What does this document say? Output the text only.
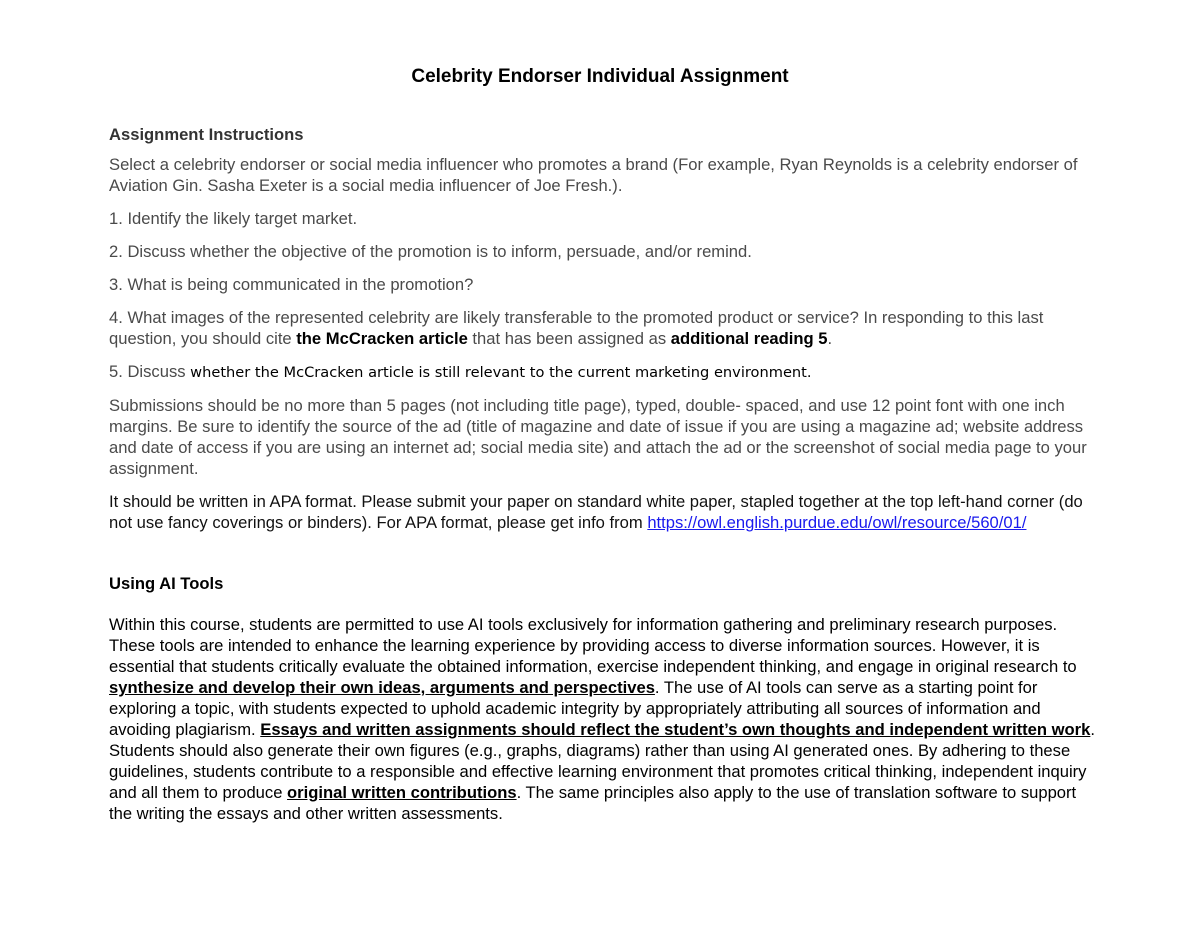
Celebrity Endorser Individual Assignment
Assignment Instructions

Select a celebrity endorser or social media influencer who promotes a brand (For example, Ryan Reynolds is a celebrity endorser of Aviation Gin. Sasha Exeter is a social media influencer of Joe Fresh.).

1. Identify the likely target market.

2. Discuss whether the objective of the promotion is to inform, persuade, and/or remind.

3. What is being communicated in the promotion?

4. What images of the represented celebrity are likely transferable to the promoted product or service? In responding to this last question, you should cite the McCracken article that has been assigned as additional reading 5.

5. Discuss whether the McCracken article is still relevant to the current marketing environment.

Submissions should be no more than 5 pages (not including title page), typed, double- spaced, and use 12 point font with one inch margins. Be sure to identify the source of the ad (title of magazine and date of issue if you are using a magazine ad; website address and date of access if you are using an internet ad; social media site) and attach the ad or the screenshot of social media page to your assignment.

It should be written in APA format. Please submit your paper on standard white paper, stapled together at the top left-hand corner (do not use fancy coverings or binders). For APA format, please get info from https://owl.english.purdue.edu/owl/resource/560/01/

Using AI Tools

Within this course, students are permitted to use AI tools exclusively for information gathering and preliminary research purposes. These tools are intended to enhance the learning experience by providing access to diverse information sources. However, it is essential that students critically evaluate the obtained information, exercise independent thinking, and engage in original research to synthesize and develop their own ideas, arguments and perspectives. The use of AI tools can serve as a starting point for exploring a topic, with students expected to uphold academic integrity by appropriately attributing all sources of information and avoiding plagiarism. Essays and written assignments should reflect the student’s own thoughts and independent written work. Students should also generate their own figures (e.g., graphs, diagrams) rather than using AI generated ones. By adhering to these guidelines, students contribute to a responsible and effective learning environment that promotes critical thinking, independent inquiry and all them to produce original written contributions. The same principles also apply to the use of translation software to support the writing the essays and other written assessments.
